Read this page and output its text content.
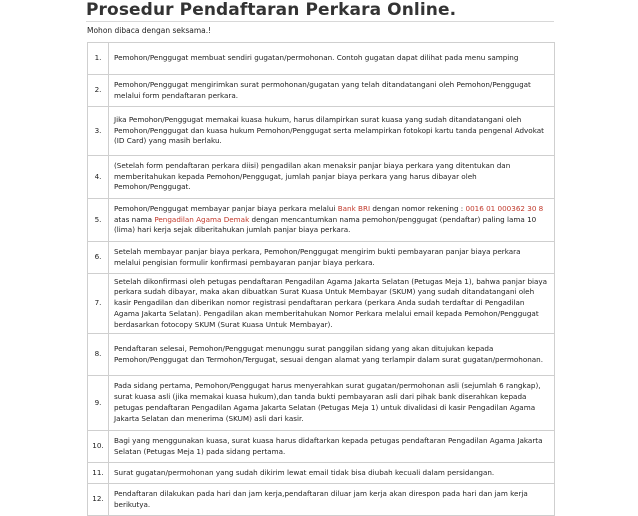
Prosedur Pendaftaran Perkara Online.
Mohon dibaca dengan seksama.!
1.	Pemohon/Penggugat membuat sendiri gugatan/permohonan. Contoh gugatan dapat dilihat pada menu samping
2.	Pemohon/Penggugat mengirimkan surat permohonan/gugatan yang telah ditandatangani oleh Pemohon/Penggugat melalui form pendaftaran perkara.
3.	Jika Pemohon/Penggugat memakai kuasa hukum, harus dilampirkan surat kuasa yang sudah ditandatangani oleh Pemohon/Penggugat dan kuasa hukum Pemohon/Penggugat serta melampirkan fotokopi kartu tanda pengenal Advokat (ID Card) yang masih berlaku.
4.	(Setelah form pendaftaran perkara diisi) pengadilan akan menaksir panjar biaya perkara yang ditentukan dan memberitahukan kepada Pemohon/Penggugat, jumlah panjar biaya perkara yang harus dibayar oleh Pemohon/Penggugat.
5.	Pemohon/Penggugat membayar panjar biaya perkara melalui Bank BRI dengan nomor rekening : 0016 01 000362 30 8 atas nama Pengadilan Agama Demak dengan mencantumkan nama pemohon/penggugat (pendaftar) paling lama 10 (lima) hari kerja sejak diberitahukan jumlah panjar biaya perkara.
6.	Setelah membayar panjar biaya perkara, Pemohon/Penggugat mengirim bukti pembayaran panjar biaya perkara melalui pengisian formulir konfirmasi pembayaran panjar biaya perkara.
7.	Setelah dikonfirmasi oleh petugas pendaftaran Pengadilan Agama Jakarta Selatan (Petugas Meja 1), bahwa panjar biaya perkara sudah dibayar, maka akan dibuatkan Surat Kuasa Untuk Membayar (SKUM) yang sudah ditandatangani oleh kasir Pengadilan dan diberikan nomor registrasi pendaftaran perkara (perkara Anda sudah terdaftar di Pengadilan Agama Jakarta Selatan). Pengadilan akan memberitahukan Nomor Perkara melalui email kepada Pemohon/Penggugat berdasarkan fotocopy SKUM (Surat Kuasa Untuk Membayar).
8.	Pendaftaran selesai, Pemohon/Penggugat menunggu surat panggilan sidang yang akan ditujukan kepada Pemohon/Penggugat dan Termohon/Tergugat, sesuai dengan alamat yang terlampir dalam surat gugatan/permohonan.
9.	Pada sidang pertama, Pemohon/Penggugat harus menyerahkan surat gugatan/permohonan asli (sejumlah 6 rangkap), surat kuasa asli (jika memakai kuasa hukum),dan tanda bukti pembayaran asli dari pihak bank diserahkan kepada petugas pendaftaran Pengadilan Agama Jakarta Selatan (Petugas Meja 1) untuk divalidasi di kasir Pengadilan Agama Jakarta Selatan dan menerima (SKUM) asli dari kasir.
10.	Bagi yang menggunakan kuasa, surat kuasa harus didaftarkan kepada petugas pendaftaran Pengadilan Agama Jakarta Selatan (Petugas Meja 1) pada sidang pertama.
11.	Surat gugatan/permohonan yang sudah dikirim lewat email tidak bisa diubah kecuali dalam persidangan.
12.	Pendaftaran dilakukan pada hari dan jam kerja,pendaftaran diluar jam kerja akan direspon pada hari dan jam kerja berikutya.
